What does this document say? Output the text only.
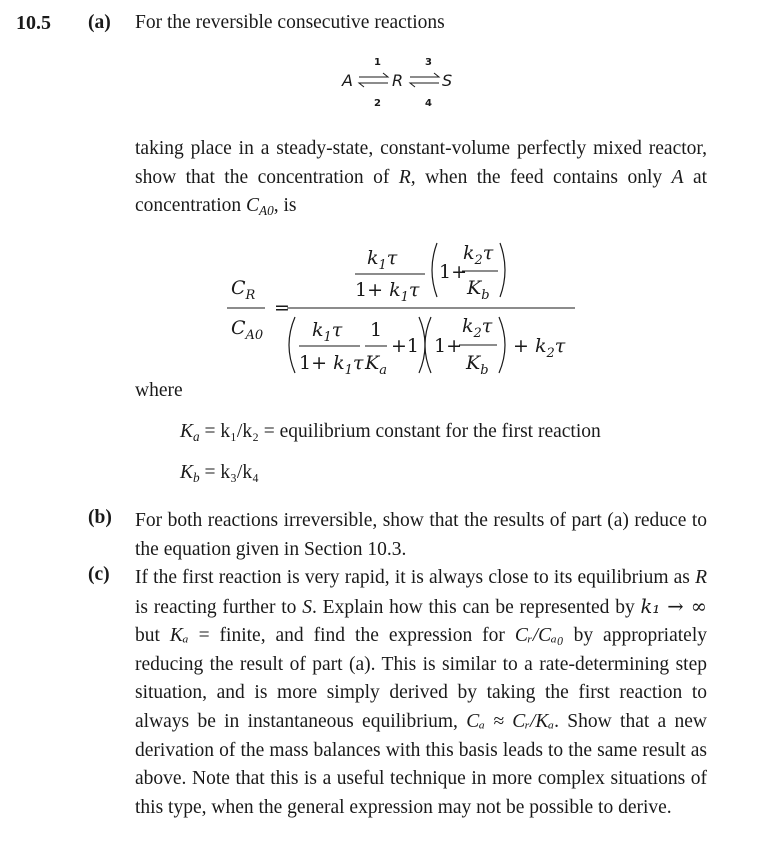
10.5 (a) For the reversible consecutive reactions
A R S
1
2
3
4
taking place in a steady-state, constant-volume perfectly mixed reactor, show that the concentration of R, when the feed contains only A at concentration $C_{A0}$, is
$C_R$
$C_{A0}$
=
$k_1\tau$
$1+ k_1\tau$
1+
$k_2\tau$
$K_b$
$k_1\tau$
$1+ k_1\tau$
1
$K_a$
+1 1+
$k_2\tau$
$K_b$
+ $k_2\tau$
where
$K_a = k_1/k_2$ = equilibrium constant for the first reaction
$K_b = k_3/k_4$
(b) For both reactions irreversible, show that the results of part (a) reduce to the equation given in Section 10.3.
(c) If the first reaction is very rapid, it is always close to its equilibrium as R is reacting further to S. Explain how this can be represented by k₁ → ∞ but Kₐ = finite, and find the expression for Cᵣ/Cₐ₀ by appropriately reducing the result of part (a). This is similar to a rate-determining step situation, and is more simply derived by taking the first reaction to always be in instantaneous equilibrium, Cₐ ≈ Cᵣ/Kₐ. Show that a new derivation of the mass balances with this basis leads to the same result as above. Note that this is a useful technique in more complex situations of this type, when the general expression may not be possible to derive.
